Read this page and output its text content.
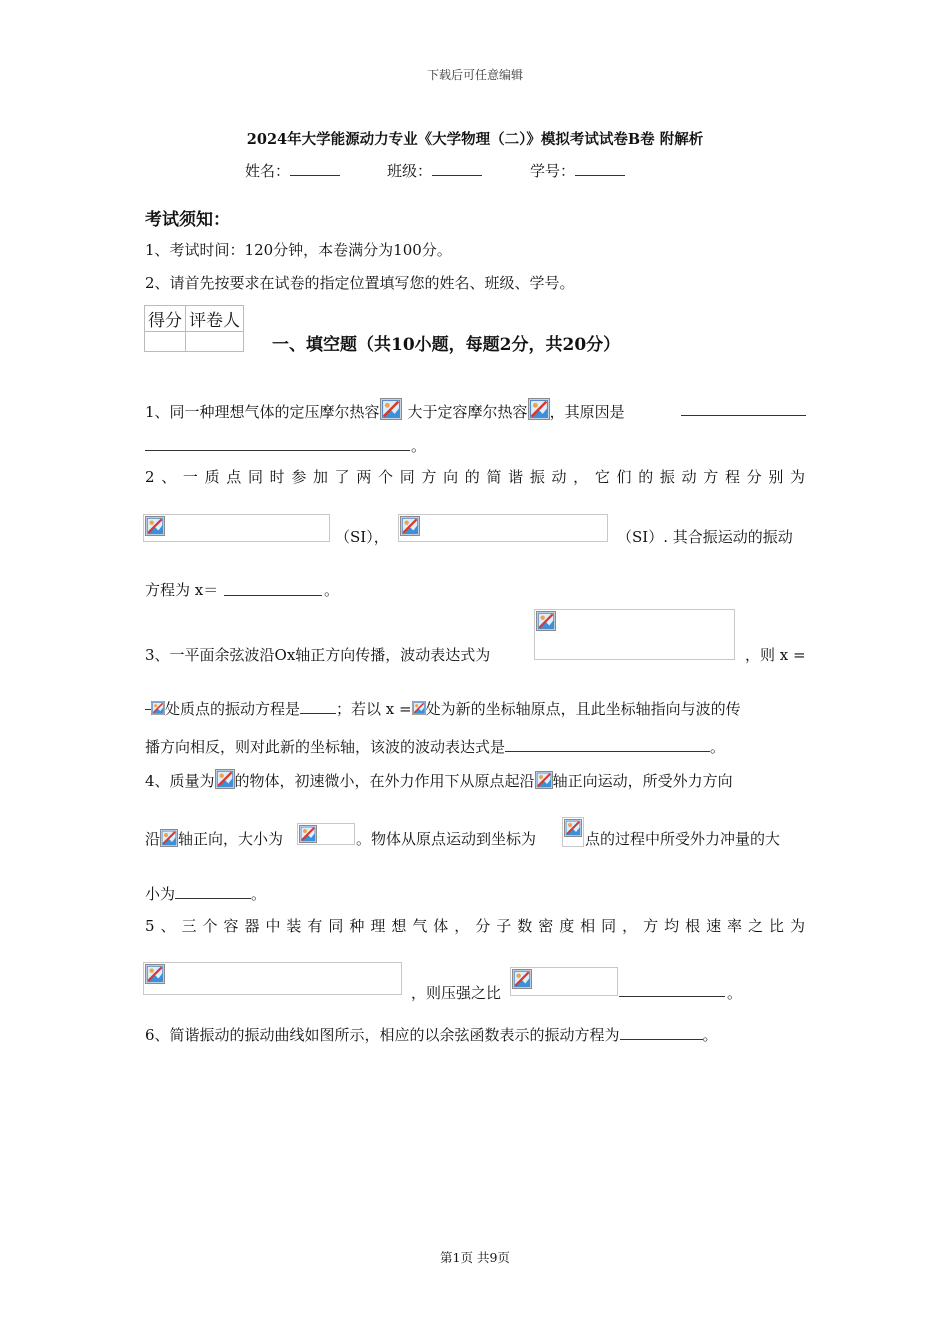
下载后可任意编辑
2024年大学能源动力专业《大学物理（二）》模拟考试试卷B卷 附解析
姓名：	班级：	学号：
考试须知：
1、考试时间：120分钟，本卷满分为100分。
2、请首先按要求在试卷的指定位置填写您的姓名、班级、学号。
得分	评卷人

一、填空题（共10小题，每题2分，共20分）
1、同一种理想气体的定压摩尔热容 大于定容摩尔热容 ，其原因是
。
2、一质点同时参加了两个同方向的简谐振动，它们的振动方程分别为
（SI），	（SI）. 其合振运动的振动
方程为 x＝	。
3、一平面余弦波沿Ox轴正方向传播，波动表达式为	，则 x =
处质点的振动方程是 ；若以 x = 处为新的坐标轴原点，且此坐标轴指向与波的传
播方向相反，则对此新的坐标轴，该波的波动表达式是	。
4、质量为 的物体，初速微小，在外力作用下从原点起沿 轴正向运动，所受外力方向
沿 轴正向，大小为	。物体从原点运动到坐标为	点的过程中所受外力冲量的大
小为	。
5、三个容器中装有同种理想气体，分子数密度相同，方均根速率之比为
，则压强之比	。
6、简谐振动的振动曲线如图所示，相应的以余弦函数表示的振动方程为	。
第1页 共9页
